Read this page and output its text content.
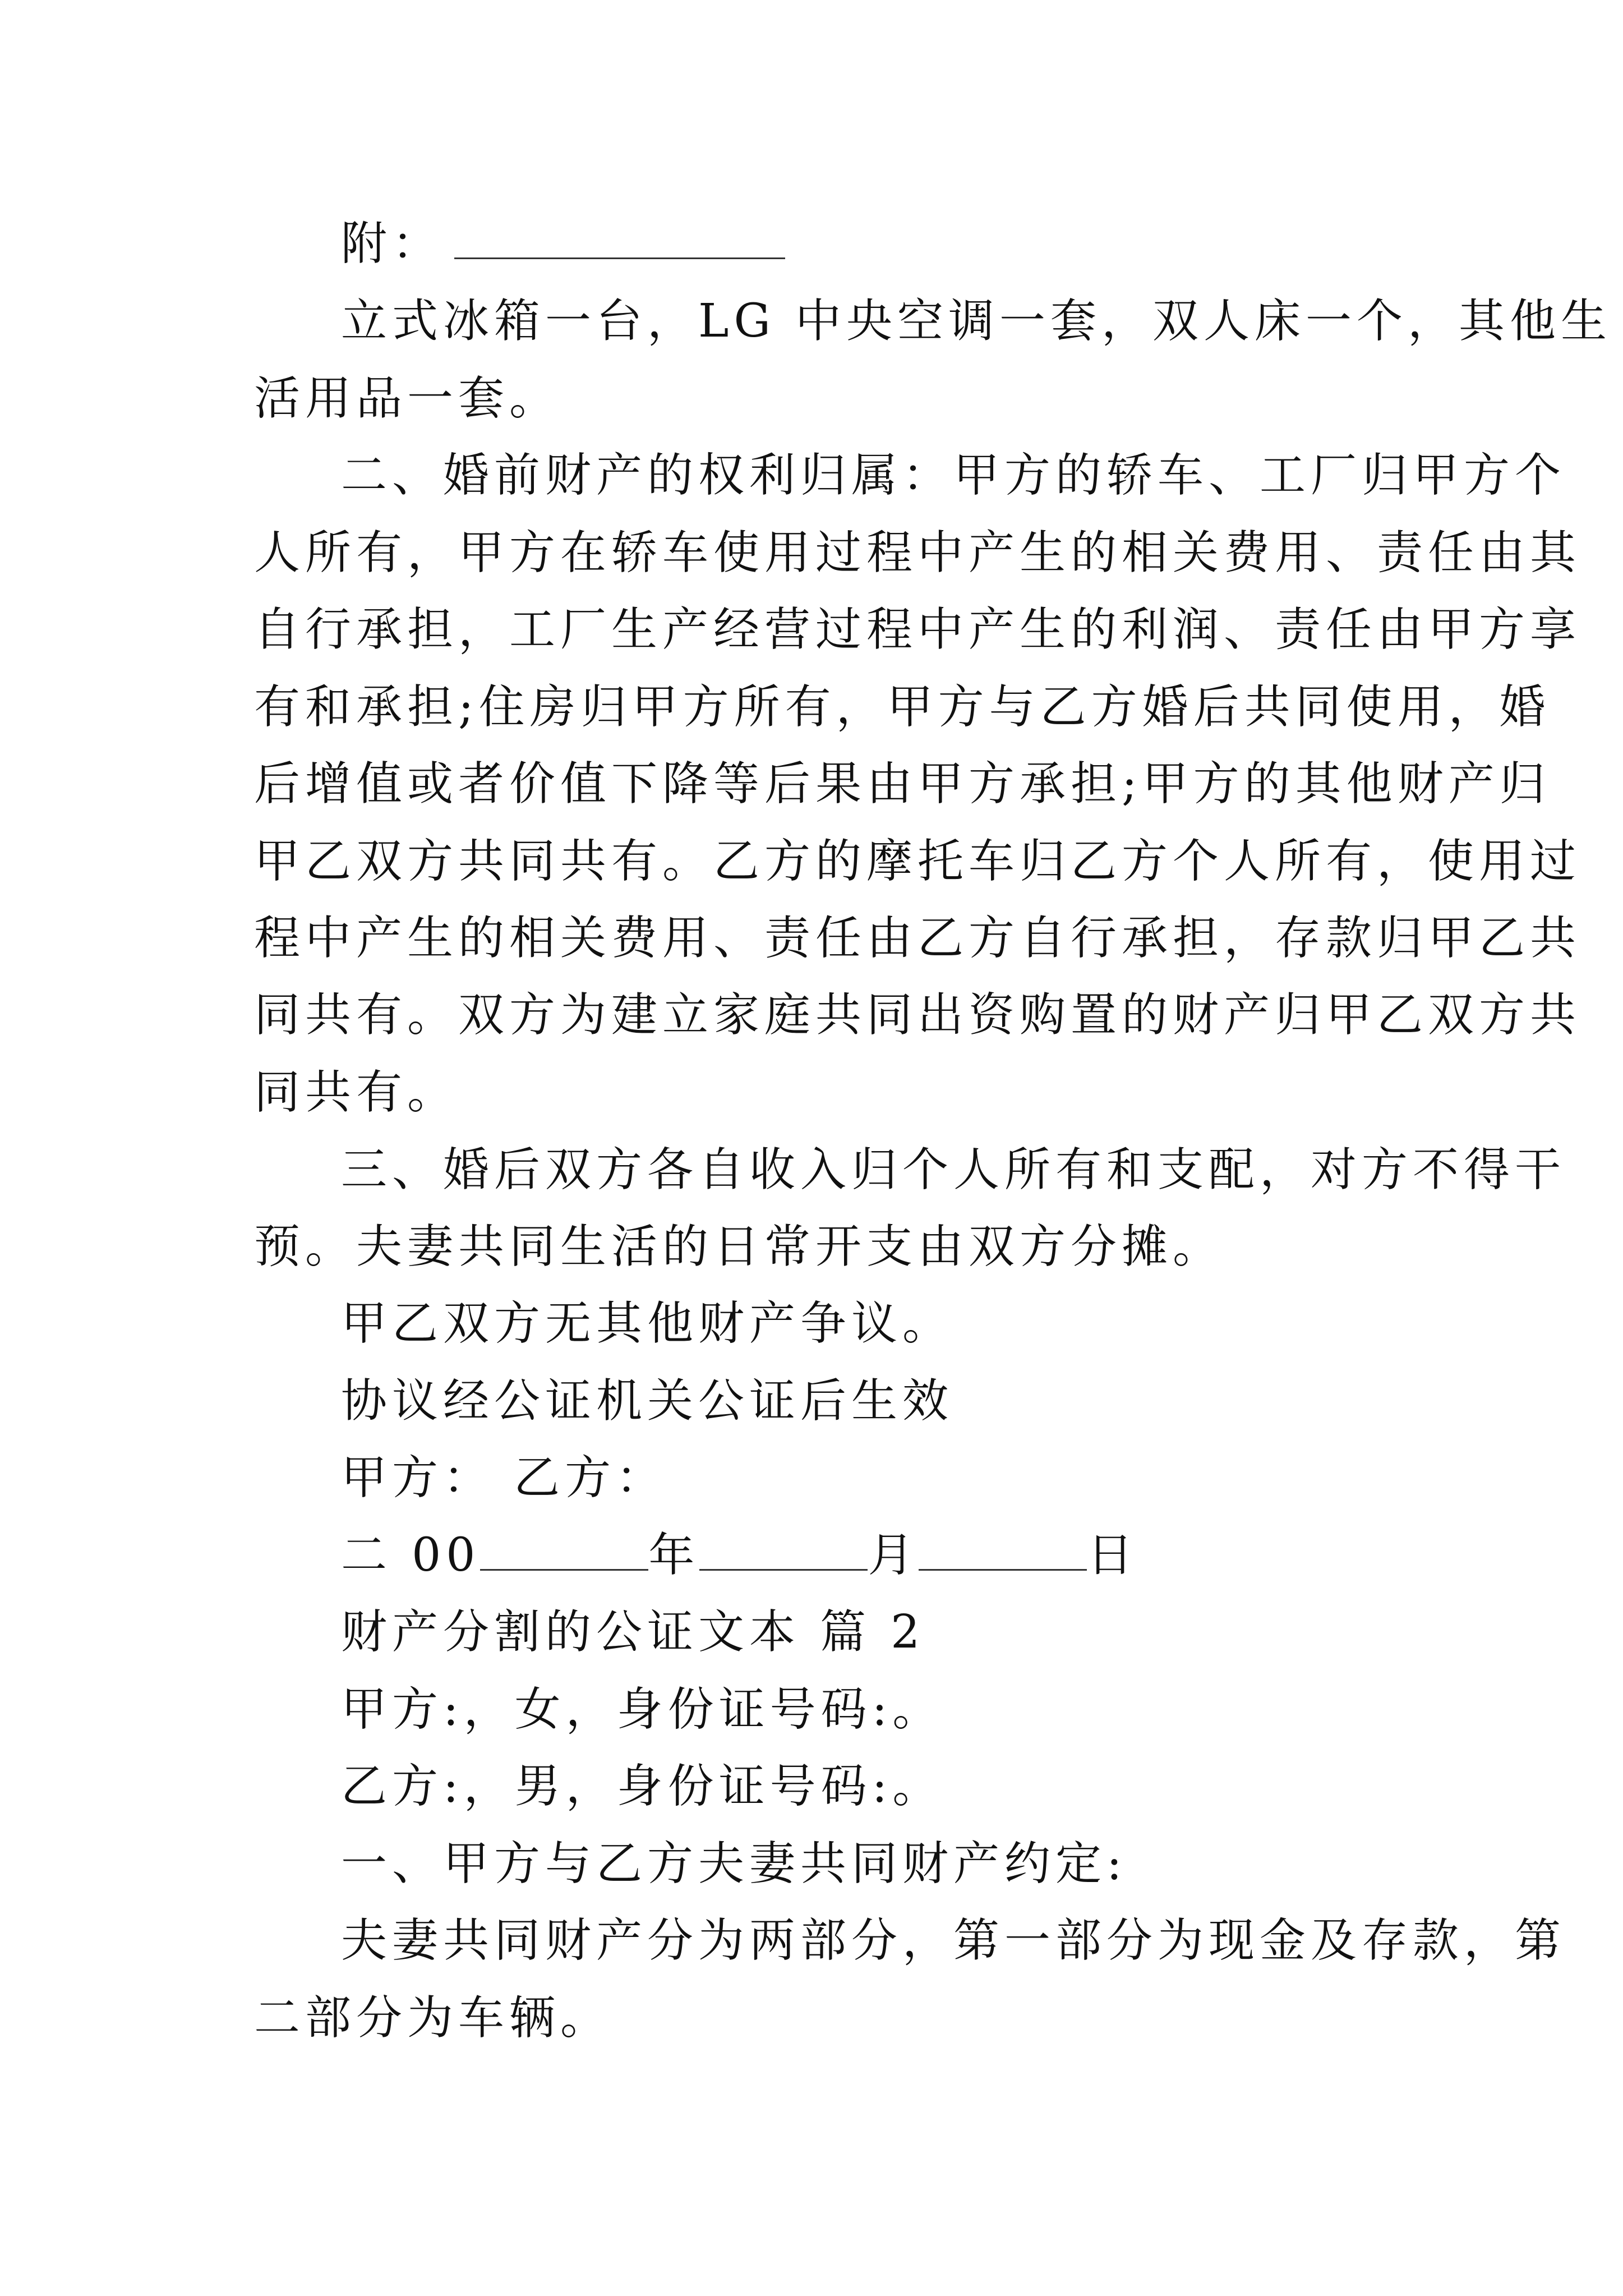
附：
立式冰箱一台，LG 中央空调一套，双人床一个，其他生
活用品一套。
二、婚前财产的权利归属：甲方的轿车、工厂归甲方个
人所有，甲方在轿车使用过程中产生的相关费用、责任由其
自行承担，工厂生产经营过程中产生的利润、责任由甲方享
有和承担;住房归甲方所有，甲方与乙方婚后共同使用，婚
后增值或者价值下降等后果由甲方承担;甲方的其他财产归
甲乙双方共同共有。乙方的摩托车归乙方个人所有，使用过
程中产生的相关费用、责任由乙方自行承担，存款归甲乙共
同共有。双方为建立家庭共同出资购置的财产归甲乙双方共
同共有。
三、婚后双方各自收入归个人所有和支配，对方不得干
预。夫妻共同生活的日常开支由双方分摊。
甲乙双方无其他财产争议。
协议经公证机关公证后生效
甲方： 乙方：
二 00	年	月	日
财产分割的公证文本 篇 2
甲方:，女，身份证号码:。
乙方:，男，身份证号码:。
一、甲方与乙方夫妻共同财产约定:
夫妻共同财产分为两部分，第一部分为现金及存款，第
二部分为车辆。
